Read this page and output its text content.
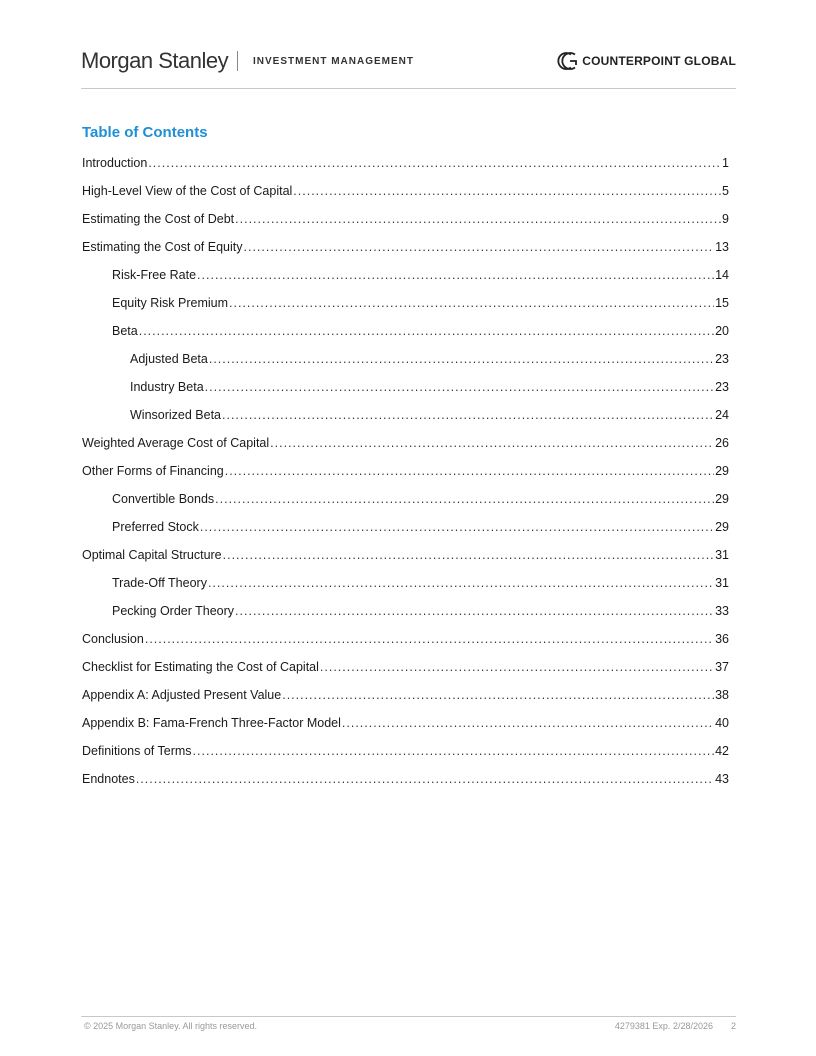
Morgan Stanley INVESTMENT MANAGEMENT	COUNTERPOINT GLOBAL
Table of Contents
Introduction .....	1
High-Level View of the Cost of Capital .....	5
Estimating the Cost of Debt .....	9
Estimating the Cost of Equity .....	13
Risk-Free Rate .....	14
Equity Risk Premium .....	15
Beta .....	20
Adjusted Beta .....	23
Industry Beta .....	23
Winsorized Beta .....	24
Weighted Average Cost of Capital .....	26
Other Forms of Financing .....	29
Convertible Bonds .....	29
Preferred Stock .....	29
Optimal Capital Structure .....	31
Trade-Off Theory .....	31
Pecking Order Theory .....	33
Conclusion .....	36
Checklist for Estimating the Cost of Capital .....	37
Appendix A: Adjusted Present Value .....	38
Appendix B: Fama-French Three-Factor Model .....	40
Definitions of Terms .....	42
Endnotes .....	43
© 2025 Morgan Stanley. All rights reserved.	4279381 Exp. 2/28/2026 2
